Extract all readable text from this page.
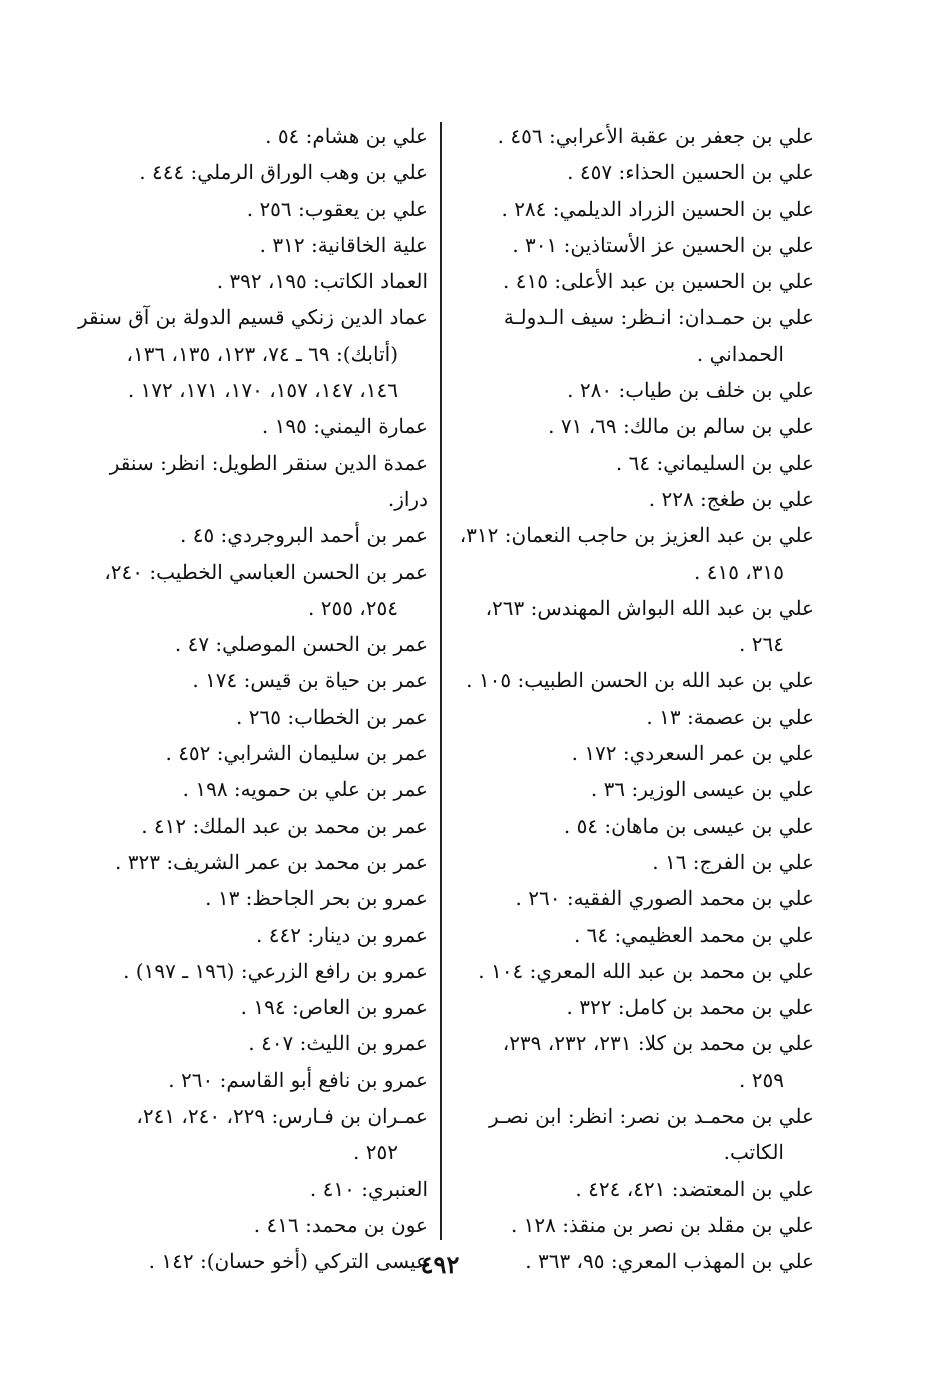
علي بن جعفر بن عقبة الأعرابي: ٤٥٦ .
علي بن الحسين الحذاء: ٤٥٧ .
علي بن الحسين الزراد الديلمي: ٢٨٤ .
علي بن الحسين عز الأستاذين: ٣٠١ .
علي بن الحسين بن عبد الأعلى: ٤١٥ .
علي بن حمـدان: انـظر: سيف الـدولـة
الحمداني .
علي بن خلف بن طياب: ٢٨٠ .
علي بن سالم بن مالك: ٦٩، ٧١ .
علي بن السليماني: ٦٤ .
علي بن طغج: ٢٢٨ .
علي بن عبد العزيز بن حاجب النعمان: ٣١٢،
٣١٥، ٤١٥ .
علي بن عبد الله البواش المهندس: ٢٦٣،
٢٦٤ .
علي بن عبد الله بن الحسن الطبيب: ١٠٥ .
علي بن عصمة: ١٣ .
علي بن عمر السعردي: ١٧٢ .
علي بن عيسى الوزير: ٣٦ .
علي بن عيسى بن ماهان: ٥٤ .
علي بن الفرج: ١٦ .
علي بن محمد الصوري الفقيه: ٢٦٠ .
علي بن محمد العظيمي: ٦٤ .
علي بن محمد بن عبد الله المعري: ١٠٤ .
علي بن محمد بن كامل: ٣٢٢ .
علي بن محمد بن كلا: ٢٣١، ٢٣٢، ٢٣٩،
٢٥٩ .
علي بن محمـد بن نصر: انظر: ابن نصـر
الكاتب.
علي بن المعتضد: ٤٢١، ٤٢٤ .
علي بن مقلد بن نصر بن منقذ: ١٢٨ .
علي بن المهذب المعري: ٩٥، ٣٦٣ .
علي بن هشام: ٥٤ .
علي بن وهب الوراق الرملي: ٤٤٤ .
علي بن يعقوب: ٢٥٦ .
علية الخاقانية: ٣١٢ .
العماد الكاتب: ١٩٥، ٣٩٢ .
عماد الدين زنكي قسيم الدولة بن آق سنقر
(أتابك): ٦٩ ـ ٧٤، ١٢٣، ١٣٥، ١٣٦،
١٤٦، ١٤٧، ١٥٧، ١٧٠، ١٧١، ١٧٢ .
عمارة اليمني: ١٩٥ .
عمدة الدين سنقر الطويل: انظر: سنقر دراز.
عمر بن أحمد البروجردي: ٤٥ .
عمر بن الحسن العباسي الخطيب: ٢٤٠،
٢٥٤، ٢٥٥ .
عمر بن الحسن الموصلي: ٤٧ .
عمر بن حياة بن قيس: ١٧٤ .
عمر بن الخطاب: ٢٦٥ .
عمر بن سليمان الشرابي: ٤٥٢ .
عمر بن علي بن حمويه: ١٩٨ .
عمر بن محمد بن عبد الملك: ٤١٢ .
عمر بن محمد بن عمر الشريف: ٣٢٣ .
عمرو بن بحر الجاحظ: ١٣ .
عمرو بن دينار: ٤٤٢ .
عمرو بن رافع الزرعي: (١٩٦ ـ ١٩٧) .
عمرو بن العاص: ١٩٤ .
عمرو بن الليث: ٤٠٧ .
عمرو بن نافع أبو القاسم: ٢٦٠ .
عمـران بن فـارس: ٢٢٩، ٢٤٠، ٢٤١،
٢٥٢ .
العنبري: ٤١٠ .
عون بن محمد: ٤١٦ .
عيسى التركي (أخو حسان): ١٤٢ .
٤٩٢
